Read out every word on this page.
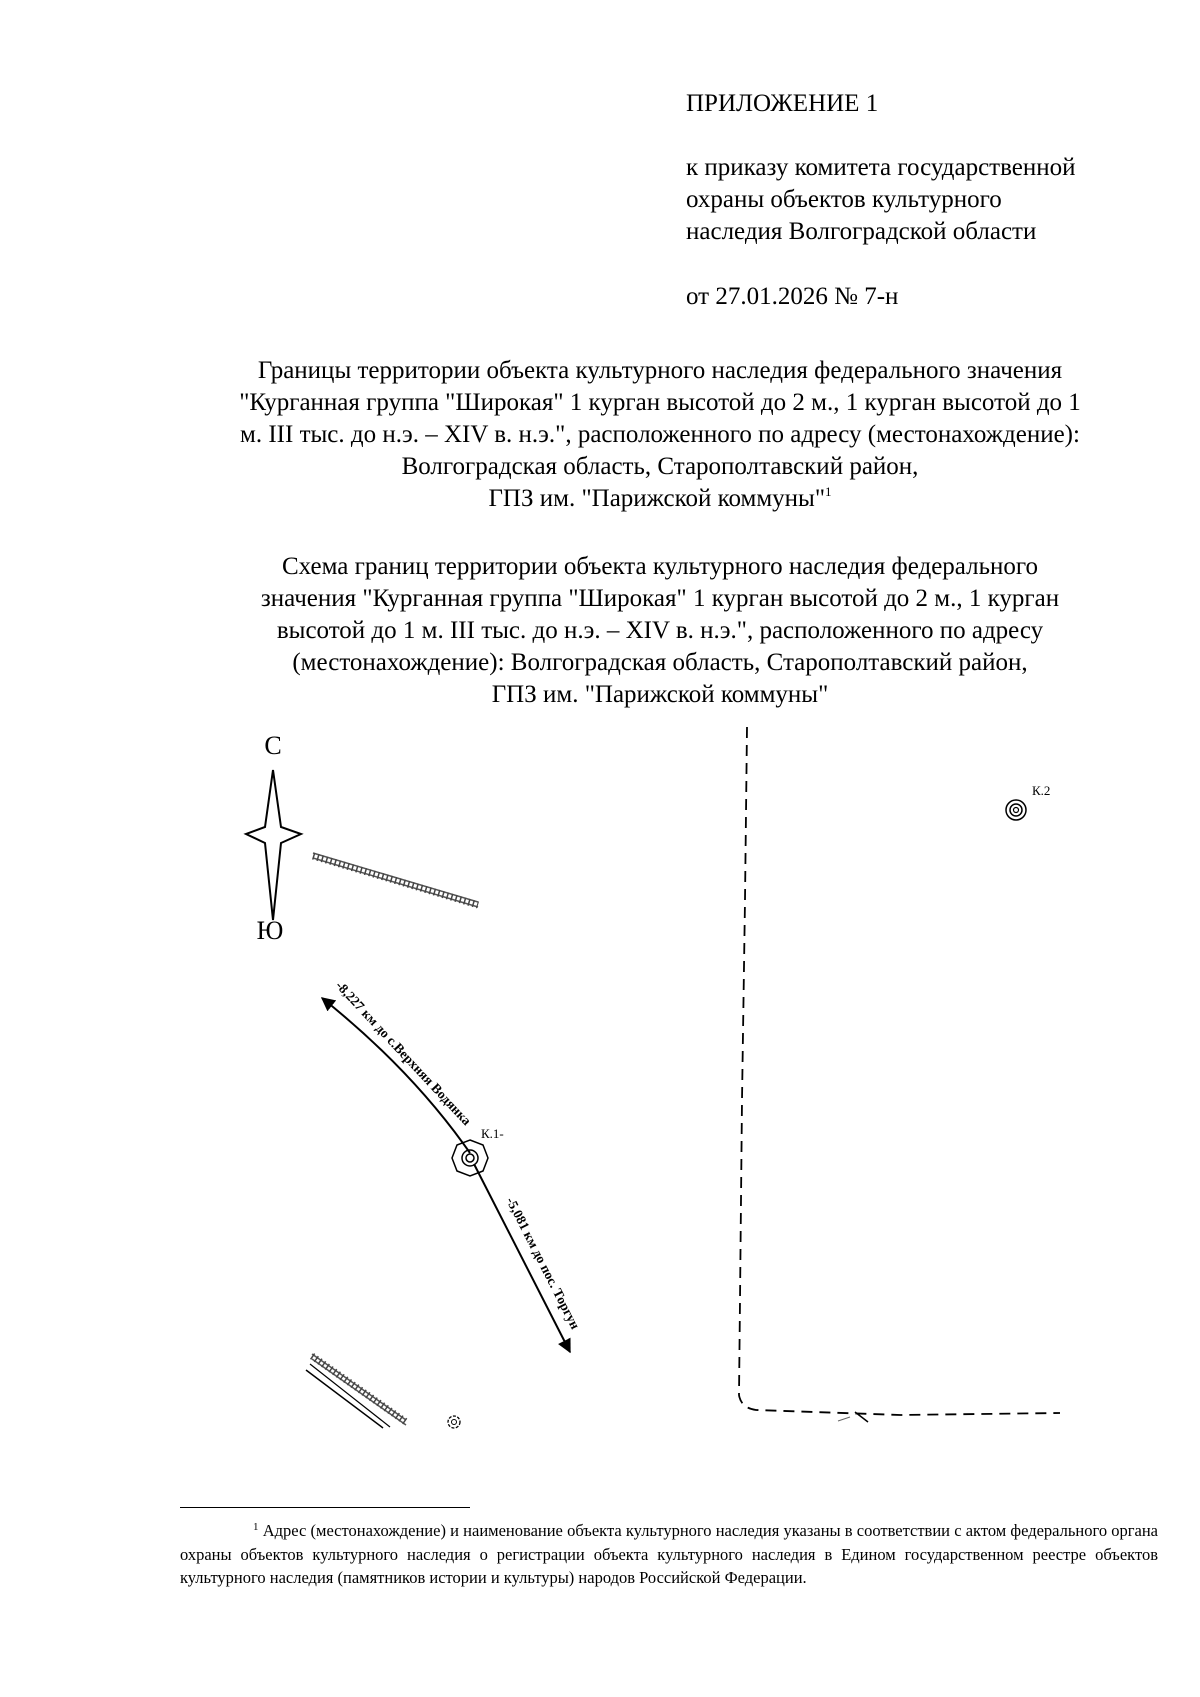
ПРИЛОЖЕНИЕ 1
к приказу комитета государственной
охраны объектов культурного
наследия Волгоградской области
от 27.01.2026 № 7-н
Границы территории объекта культурного наследия федерального значения
"Курганная группа "Широкая" 1 курган высотой до 2 м., 1 курган высотой до 1
м. III тыс. до н.э. – XIV в. н.э.", расположенного по адресу (местонахождение):
Волгоградская область, Старополтавский район,
ГПЗ им. "Парижской коммуны"$^1$
Схема границ территории объекта культурного наследия федерального
значения "Курганная группа "Широкая" 1 курган высотой до 2 м., 1 курган
высотой до 1 м. III тыс. до н.э. – XIV в. н.э.", расположенного по адресу
(местонахождение): Волгоградская область, Старополтавский район,
ГПЗ им. "Парижской коммуны"
С
Ю
К.1-
К.2
-8,227 км до с.Верхняя Водянка
-5,081 км до пос. Торгун
$^1$ Адрес (местонахождение) и наименование объекта культурного наследия указаны в соответствии с актом федерального органа охраны объектов культурного наследия о регистрации объекта культурного наследия в Едином государственном реестре объектов культурного наследия (памятников истории и культуры) народов Российской Федерации.
